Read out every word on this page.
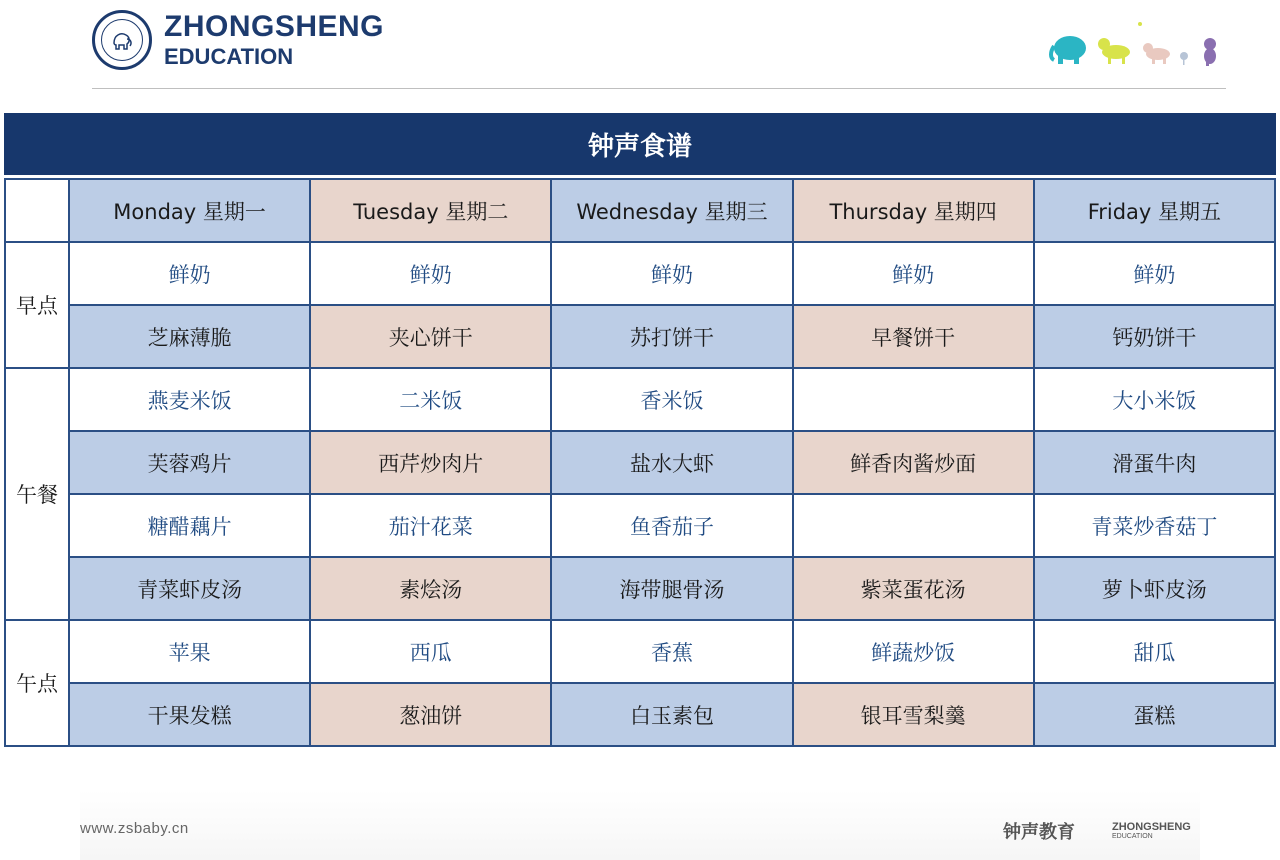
ZHONGSHENG
EDUCATION
钟声食谱
	Monday 星期一	Tuesday 星期二	Wednesday 星期三	Thursday 星期四	Friday 星期五
早点	鲜奶	鲜奶	鲜奶	鲜奶	鲜奶
	芝麻薄脆	夹心饼干	苏打饼干	早餐饼干	钙奶饼干
午餐	燕麦米饭	二米饭	香米饭		大小米饭
	芙蓉鸡片	西芹炒肉片	盐水大虾	鲜香肉酱炒面	滑蛋牛肉
	糖醋藕片	茄汁花菜	鱼香茄子		青菜炒香菇丁
	青菜虾皮汤	素烩汤	海带腿骨汤	紫菜蛋花汤	萝卜虾皮汤
午点	苹果	西瓜	香蕉	鲜蔬炒饭	甜瓜
	干果发糕	葱油饼	白玉素包	银耳雪梨羹	蛋糕
www.zsbaby.cn	钟声教育	ZHONGSHENG
EDUCATION
